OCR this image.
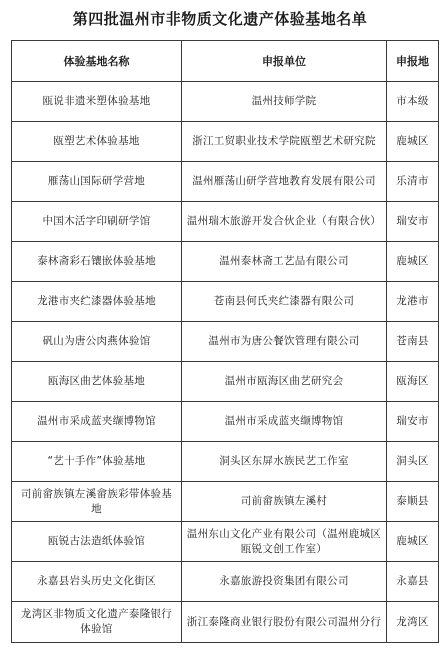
第四批温州市非物质文化遗产体验基地名单
体验基地名称	申报单位	申报地
瓯说非遗米塑体验基地	温州技师学院	市本级
瓯塑艺术体验基地	浙江工贸职业技术学院瓯塑艺术研究院	鹿城区
雁荡山国际研学营地	温州雁荡山研学营地教育发展有限公司	乐清市
中国木活字印刷研学馆	温州瑞木旅游开发合伙企业（有限合伙）	瑞安市
泰林斋彩石镶嵌体验基地	温州泰林斋工艺品有限公司	鹿城区
龙港市夹纻漆器体验基地	苍南县何氏夹纻漆器有限公司	龙港市
矾山为唐公肉燕体验馆	温州市为唐公餐饮管理有限公司	苍南县
瓯海区曲艺体验基地	温州市瓯海区曲艺研究会	瓯海区
温州市采成蓝夹缬博物馆	温州市采成蓝夹缬博物馆	瑞安市
“艺十手作”体验基地	洞头区东屏水族民艺工作室	洞头区
司前畲族镇左溪畲族彩带体验基地	司前畲族镇左溪村	泰顺县
瓯锐古法造纸体验馆	温州东山文化产业有限公司（温州鹿城区瓯锐文创工作室）	鹿城区
永嘉县岩头历史文化街区	永嘉旅游投资集团有限公司	永嘉县
龙湾区非物质文化遗产泰隆银行体验馆	浙江泰隆商业银行股份有限公司温州分行	龙湾区
